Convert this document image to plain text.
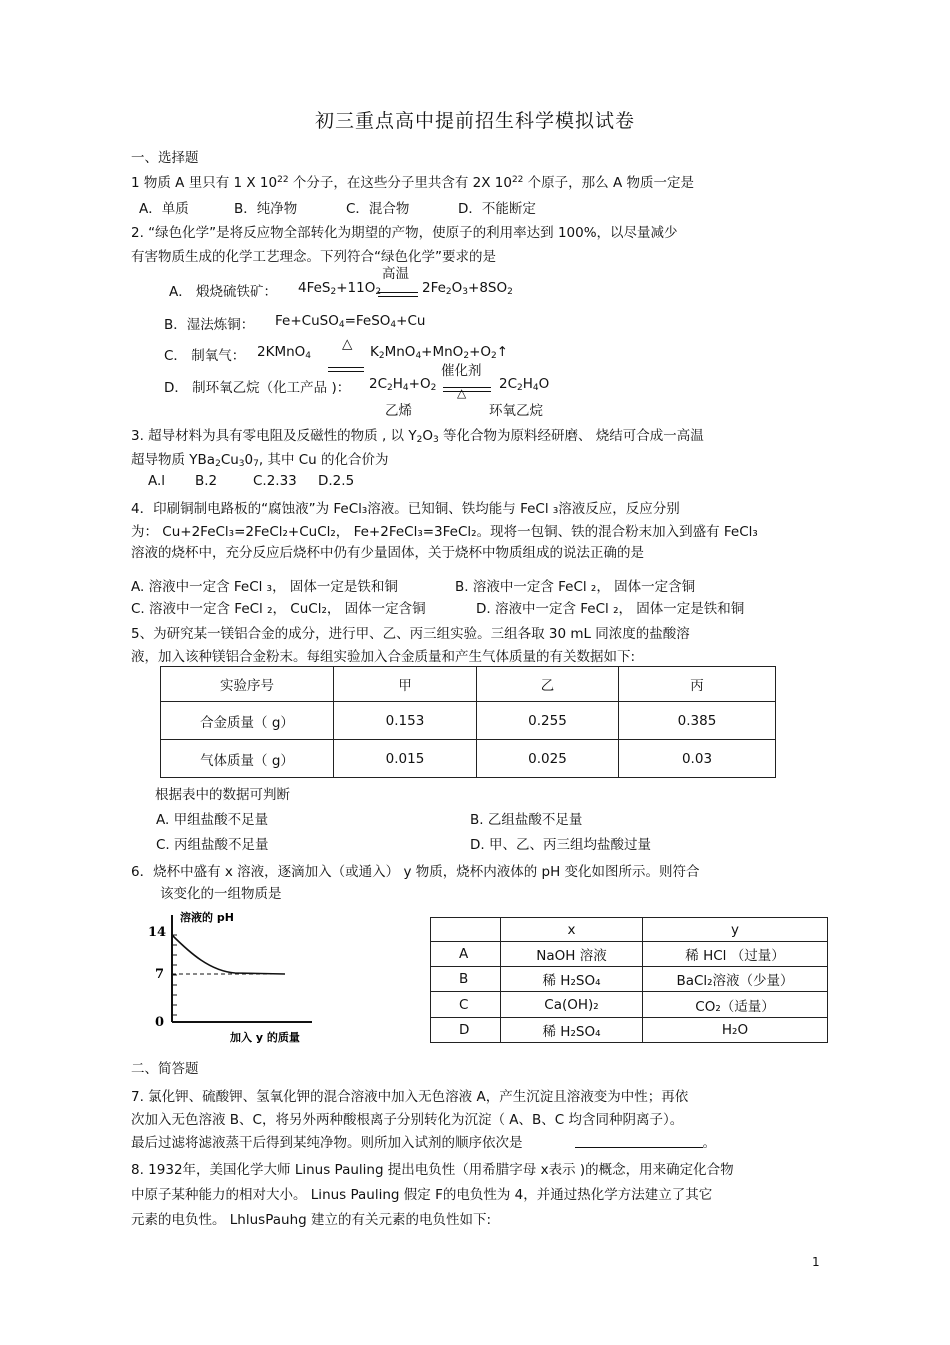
初三重点高中提前招生科学模拟试卷
一、选择题
1 物质 A 里只有 1 X $10^{22}$ 个分子，在这些分子里共含有 2X $10^{22}$ 个原子，那么 A 物质一定是
A．单质	B．纯净物	C．混合物	D．不能断定
2. “绿色化学”是将反应物全部转化为期望的产物，使原子的利用率达到 100%，以尽量减少
有害物质生成的化学工艺理念。下列符合“绿色化学”要求的是
高温
A． 煅烧硫铁矿： $4FeS_2+11O_2$	$2Fe_2O_3+8SO_2$
B．湿法炼铜： Fe+CuSO$_4$=FeSO$_4$+Cu
△
C． 制氧气： 2KMnO$_4$	$K_2MnO_4+MnO_2+O_2↑$
催化剂
D． 制环氧乙烷（化工产品 )： $2C_2H_4+O_2$ △
$2C_2H_4O$
乙烯	环氧乙烷
3. 超导材料为具有零电阻及反磁性的物质 , 以 $Y_2O_3$ 等化合物为原料经研磨、 烧结可合成一高温
超导物质 $YBa_2Cu_30_7$, 其中 Cu 的化合价为
A.l B.2	C.2.33 D.2.5
4．印刷铜制电路板的“腐蚀液”为 FeCl₃溶液。已知铜、铁均能与 FeCl ₃溶液反应，反应分别
为： Cu+2FeCl₃=2FeCl₂+CuCl₂， Fe+2FeCl₃=3FeCl₂。现将一包铜、铁的混合粉末加入到盛有 FeCl₃
溶液的烧杯中，充分反应后烧杯中仍有少量固体，关于烧杯中物质组成的说法正确的是
A. 溶液中一定含 FeCl ₃， 固体一定是铁和铜	B. 溶液中一定含 FeCl ₂， 固体一定含铜
C. 溶液中一定含 FeCl ₂， CuCl₂， 固体一定含铜	D. 溶液中一定含 FeCl ₂， 固体一定是铁和铜
5、为研究某一镁铝合金的成分，进行甲、乙、丙三组实验。三组各取 30 mL 同浓度的盐酸溶
液，加入该种镁铝合金粉末。每组实验加入合金质量和产生气体质量的有关数据如下:
实验序号	甲	乙	丙
合金质量（ g）	0.153	0.255	0.385
气体质量（ g）	0.015	0.025	0.03
根据表中的数据可判断
A. 甲组盐酸不足量	B. 乙组盐酸不足量
C. 丙组盐酸不足量	D. 甲、乙、丙三组均盐酸过量
6．烧杯中盛有 x 溶液，逐滴加入（或通入） y 物质，烧杯内液体的 pH 变化如图所示。则符合
该变化的一组物质是
14
7
0
溶液的 pH
加入 y 的质量
	x	y
A	NaOH 溶液	稀 HCl （过量）
B	稀 H₂SO₄	BaCl₂溶液（少量）
C	Ca(OH)₂	CO₂（适量）
D	稀 H₂SO₄	H₂O
二、简答题
7. 氯化钾、硫酸钾、氢氧化钾的混合溶液中加入无色溶液 A，产生沉淀且溶液变为中性；再依
次加入无色溶液 B、C，将另外两种酸根离子分别转化为沉淀（ A、B、C 均含同种阴离子）。
最后过滤将滤液蒸干后得到某纯净物。则所加入试剂的顺序依次是	。
8. 1932年，美国化学大师 Linus Pauling 提出电负性（用希腊字母 x表示 )的概念，用来确定化合物
中原子某种能力的相对大小。 Linus Pauling 假定 F的电负性为 4，并通过热化学方法建立了其它
元素的电负性。 LhlusPauhg 建立的有关元素的电负性如下:
1
